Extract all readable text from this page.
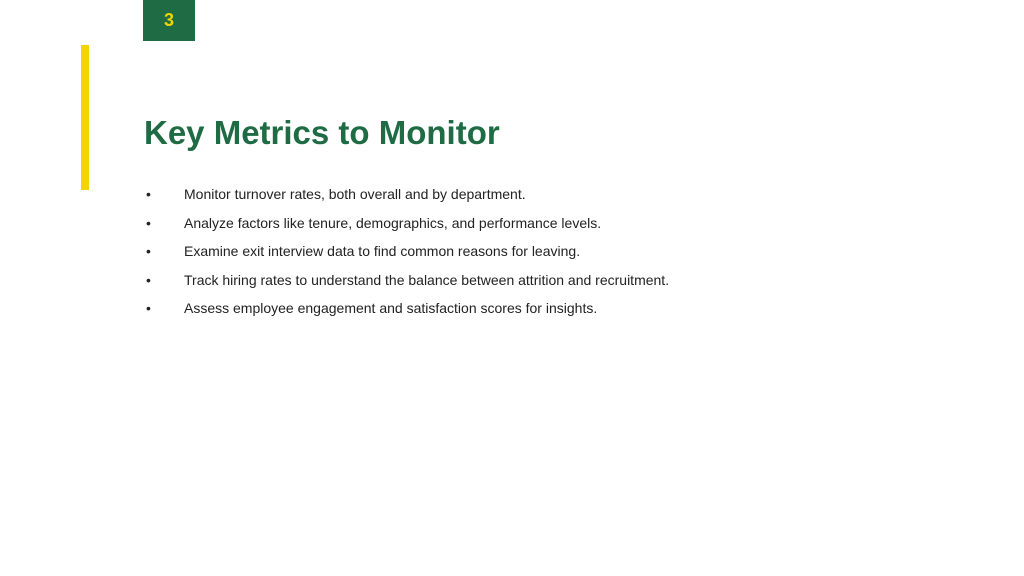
3
Key Metrics to Monitor
• Monitor turnover rates, both overall and by department.
• Analyze factors like tenure, demographics, and performance levels.
• Examine exit interview data to find common reasons for leaving.
• Track hiring rates to understand the balance between attrition and recruitment.
• Assess employee engagement and satisfaction scores for insights.
